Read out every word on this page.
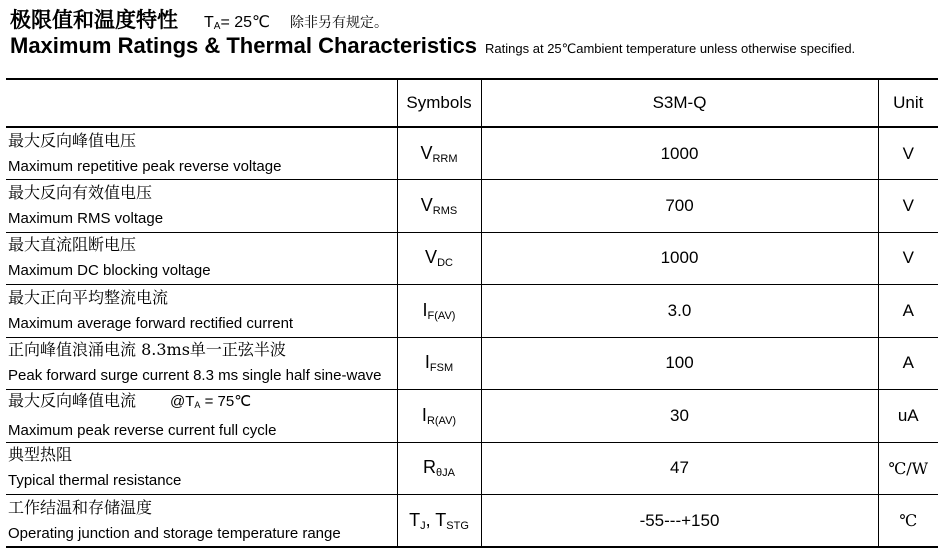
极限值和温度特性 $T_A=$ 25℃ 除非另有规定。
Maximum Ratings & Thermal Characteristics Ratings at 25℃ambient temperature unless otherwise specified.
	Symbols	S3M-Q	Unit

最大反向峰值电压
Maximum repetitive peak reverse voltage	$V_{RRM}$	1000	V

最大反向有效值电压
Maximum RMS voltage	$V_{RMS}$	700	V

最大直流阻断电压
Maximum DC blocking voltage	$V_{DC}$	1000	V

最大正向平均整流电流
Maximum average forward rectified current	$I_{F(AV)}$	3.0	A

正向峰值浪涌电流 8.3ms单一正弦半波
Peak forward surge current 8.3 ms single half sine-wave	$I_{FSM}$	100	A

最大反向峰值电流 $@T_A$ = 75℃
Maximum peak reverse current full cycle	$I_{R(AV)}$	30	uA

典型热阻
Typical thermal resistance	$R_{\theta JA}$	47	℃/W

工作结温和存储温度
Operating junction and storage temperature range	$T_J$, $T_{STG}$	-55---+150	℃
